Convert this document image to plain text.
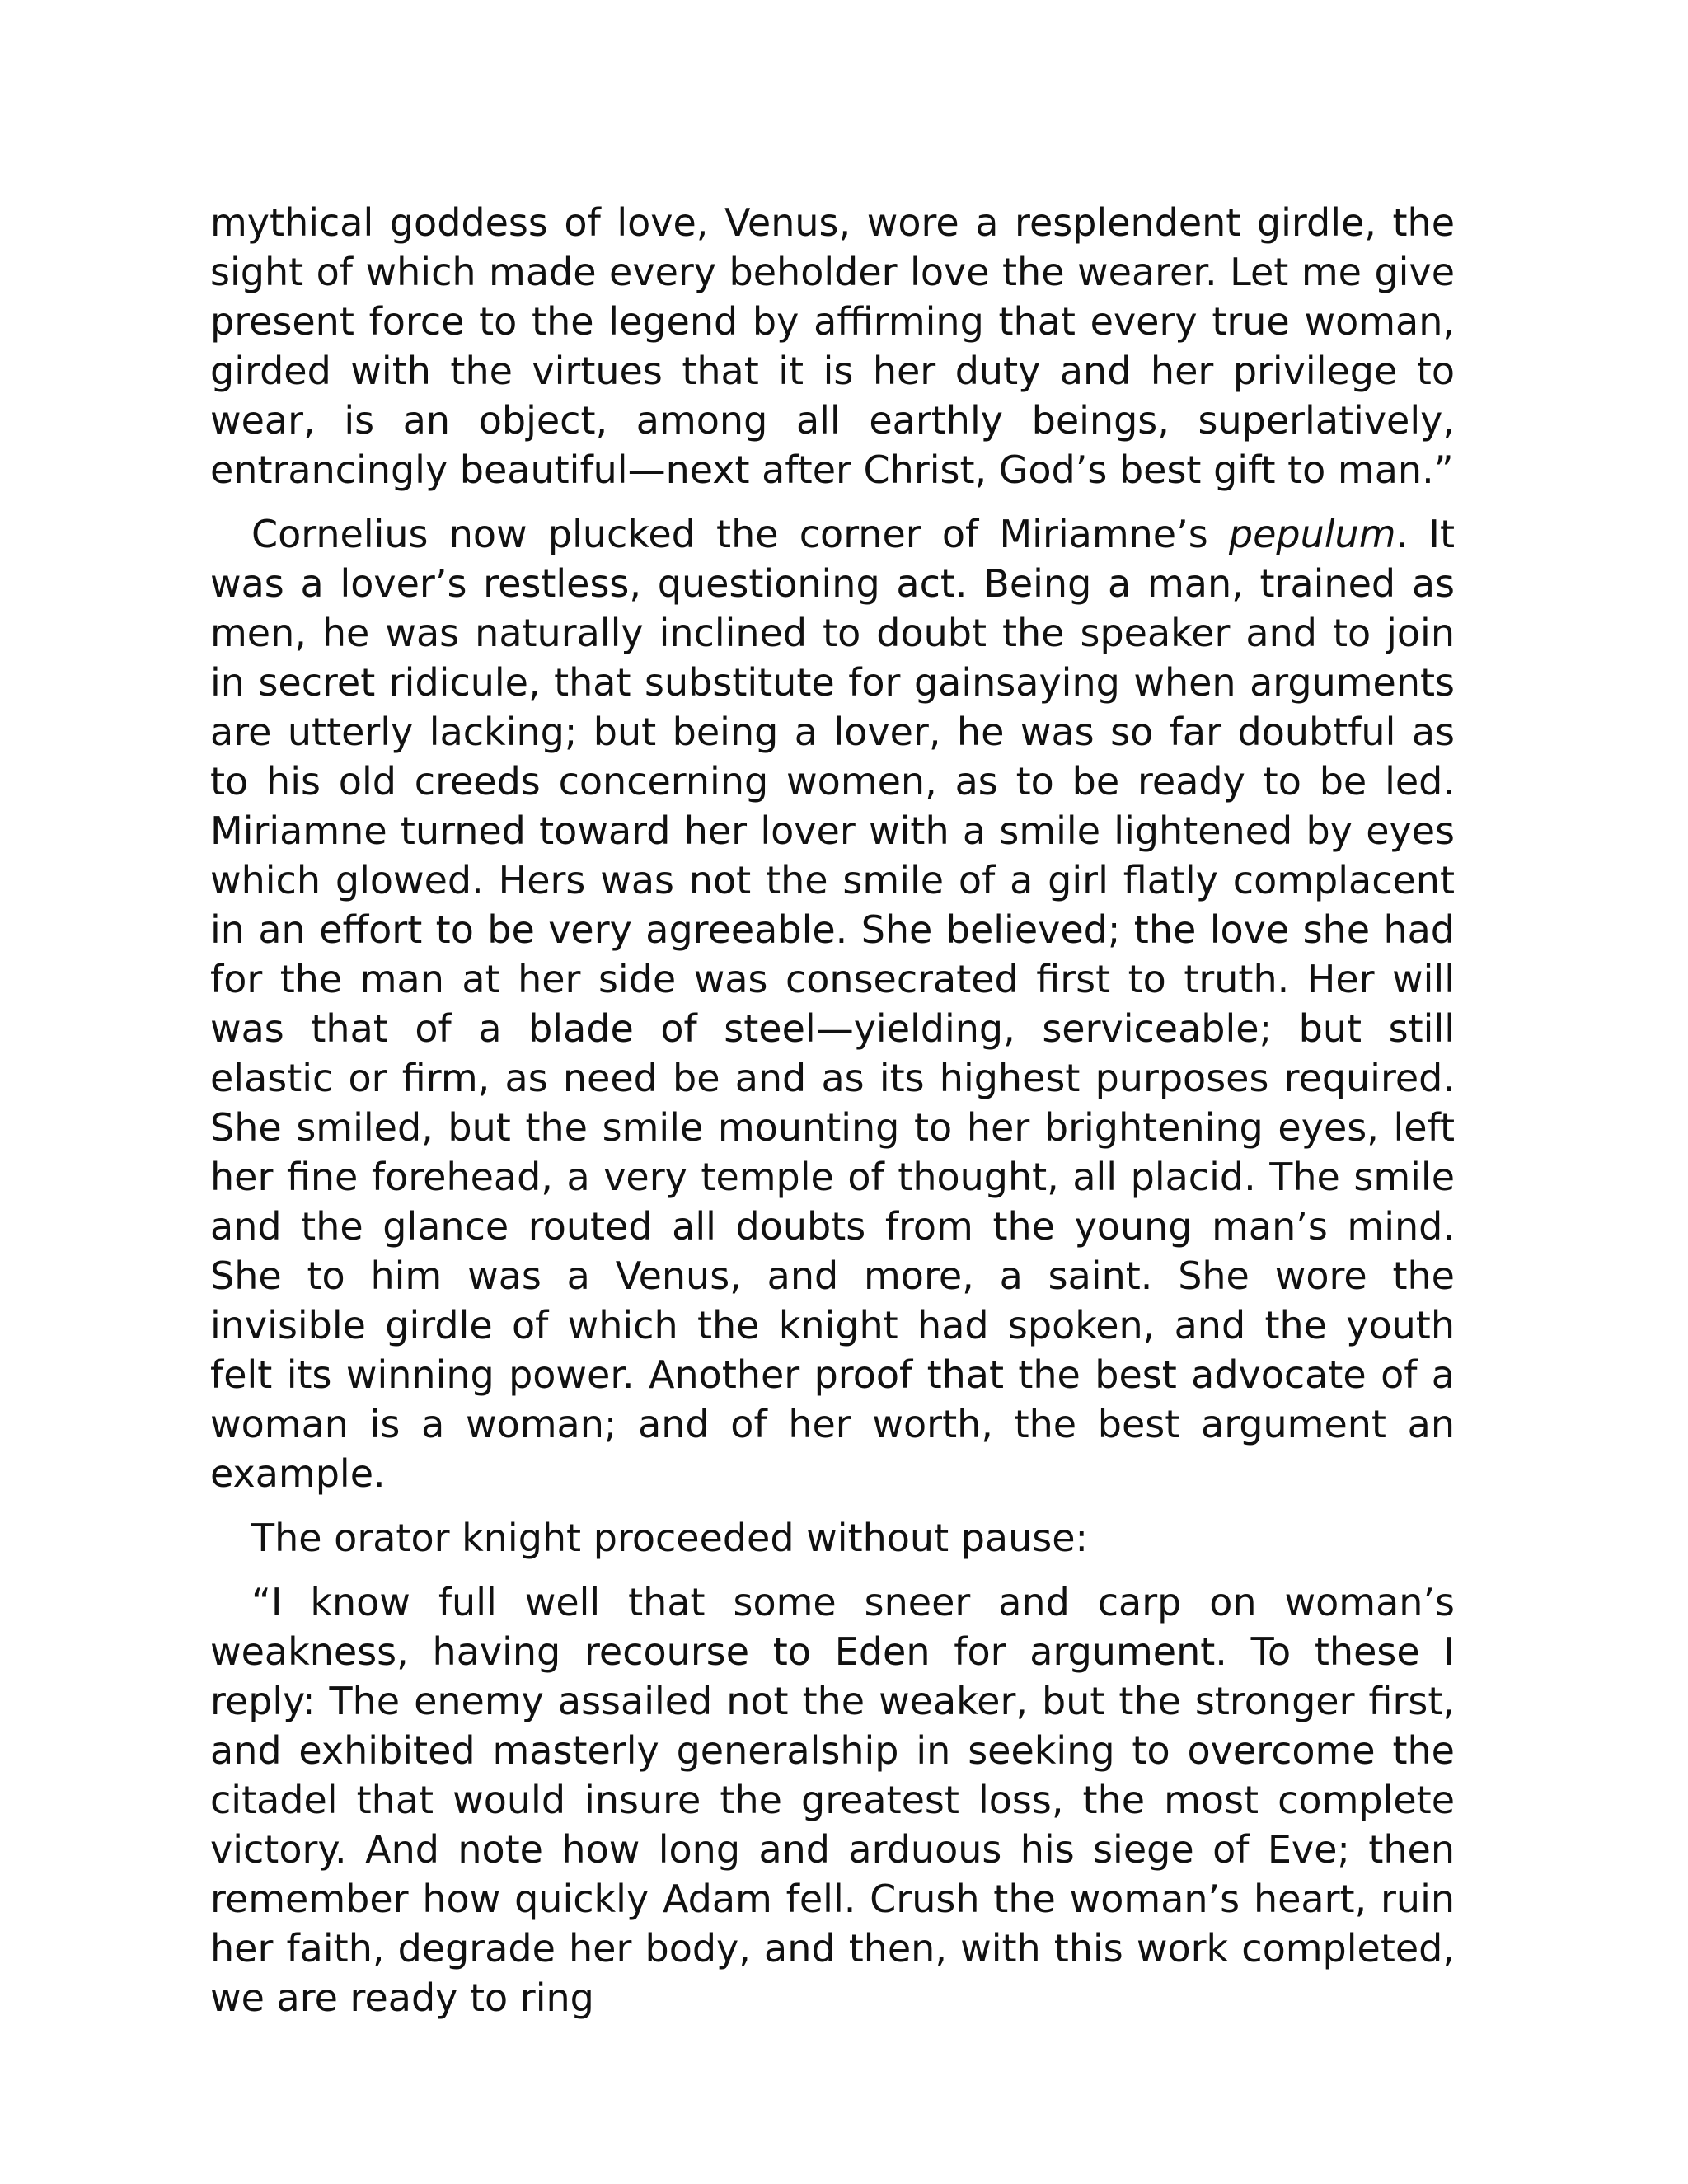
mythical goddess of love, Venus, wore a resplendent girdle, the sight of which made every beholder love the wearer. Let me give present force to the legend by affirming that every true woman, girded with the virtues that it is her duty and her privilege to wear, is an object, among all earthly beings, superlatively, entrancingly beautiful—next after Christ, God’s best gift to man.”

Cornelius now plucked the corner of Miriamne’s pepulum. It was a lover’s restless, questioning act. Being a man, trained as men, he was naturally inclined to doubt the speaker and to join in secret ridicule, that substitute for gainsaying when arguments are utterly lacking; but being a lover, he was so far doubtful as to his old creeds concerning women, as to be ready to be led. Miriamne turned toward her lover with a smile lightened by eyes which glowed. Hers was not the smile of a girl flatly complacent in an effort to be very agreeable. She believed; the love she had for the man at her side was consecrated first to truth. Her will was that of a blade of steel—yielding, serviceable; but still elastic or firm, as need be and as its highest purposes required. She smiled, but the smile mounting to her brightening eyes, left her fine forehead, a very temple of thought, all placid. The smile and the glance routed all doubts from the young man’s mind. She to him was a Venus, and more, a saint. She wore the invisible girdle of which the knight had spoken, and the youth felt its winning power. Another proof that the best advocate of a woman is a woman; and of her worth, the best argument an example.

The orator knight proceeded without pause:

“I know full well that some sneer and carp on woman’s weakness, having recourse to Eden for argument. To these I reply: The enemy assailed not the weaker, but the stronger first, and exhibited masterly generalship in seeking to overcome the citadel that would insure the greatest loss, the most complete victory. And note how long and arduous his siege of Eve; then remember how quickly Adam fell. Crush the woman’s heart, ruin her faith, degrade her body, and then, with this work completed, we are ready to ring
